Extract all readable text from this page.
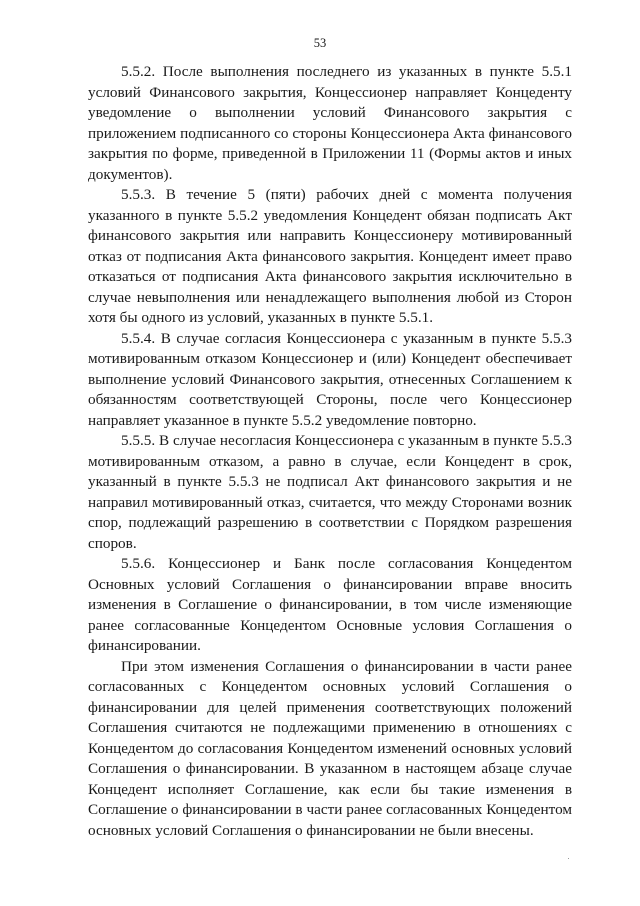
53

5.5.2. После выполнения последнего из указанных в пункте 5.5.1 условий Финансового закрытия, Концессионер направляет Концеденту уведомление о выполнении условий Финансового закрытия с приложением подписанного со стороны Концессионера Акта финансового закрытия по форме, приведенной в Приложении 11 (Формы актов и иных документов).

5.5.3. В течение 5 (пяти) рабочих дней с момента получения указанного в пункте 5.5.2 уведомления Концедент обязан подписать Акт финансового закрытия или направить Концессионеру мотивированный отказ от подписания Акта финансового закрытия. Концедент имеет право отказаться от подписания Акта финансового закрытия исключительно в случае невыполнения или ненадлежащего выполнения любой из Сторон хотя бы одного из условий, указанных в пункте 5.5.1.

5.5.4. В случае согласия Концессионера с указанным в пункте 5.5.3 мотивированным отказом Концессионер и (или) Концедент обеспечивает выполнение условий Финансового закрытия, отнесенных Соглашением к обязанностям соответствующей Стороны, после чего Концессионер направляет указанное в пункте 5.5.2 уведомление повторно.

5.5.5. В случае несогласия Концессионера с указанным в пункте 5.5.3 мотивированным отказом, а равно в случае, если Концедент в срок, указанный в пункте 5.5.3 не подписал Акт финансового закрытия и не направил мотивированный отказ, считается, что между Сторонами возник спор, подлежащий разрешению в соответствии с Порядком разрешения споров.

5.5.6. Концессионер и Банк после согласования Концедентом Основных условий Соглашения о финансировании вправе вносить изменения в Соглашение о финансировании, в том числе изменяющие ранее согласованные Концедентом Основные условия Соглашения о финансировании.

При этом изменения Соглашения о финансировании в части ранее согласованных с Концедентом основных условий Соглашения о финансировании для целей применения соответствующих положений Соглашения считаются не подлежащими применению в отношениях с Концедентом до согласования Концедентом изменений основных условий Соглашения о финансировании. В указанном в настоящем абзаце случае Концедент исполняет Соглашение, как если бы такие изменения в Соглашение о финансировании в части ранее согласованных Концедентом основных условий Соглашения о финансировании не были внесены.
